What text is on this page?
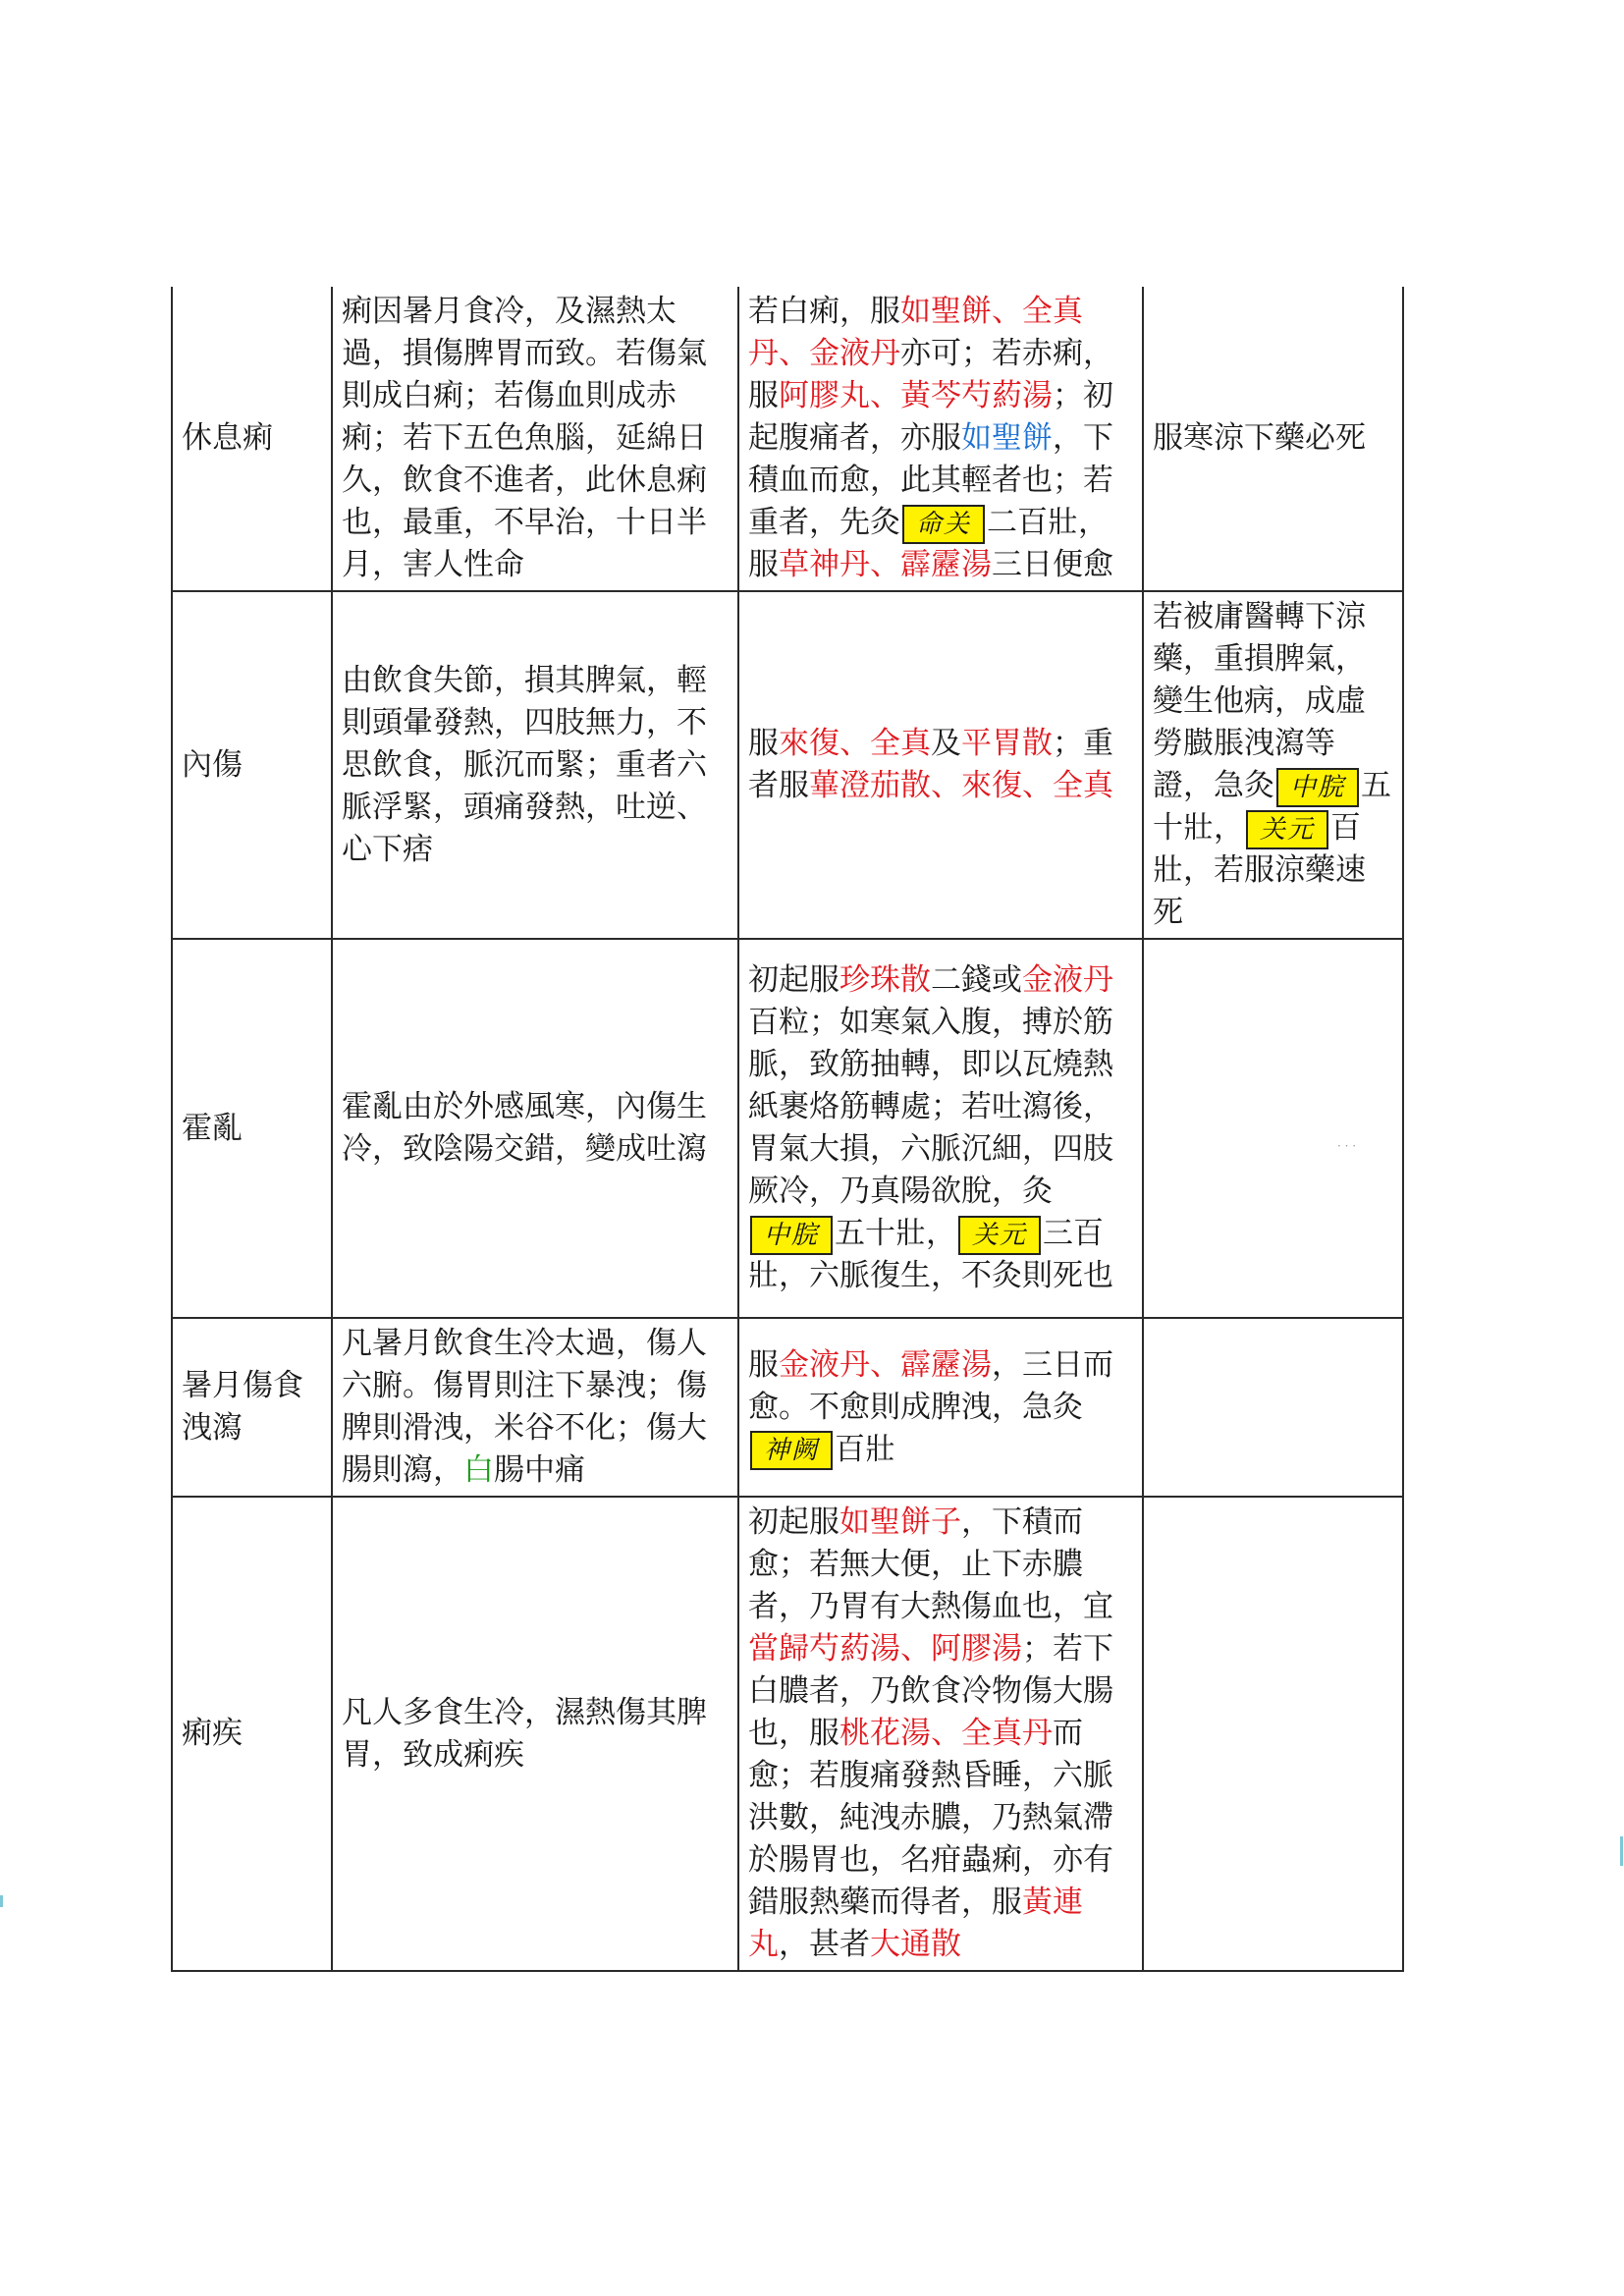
休息痢	痢因暑月食冷，及濕熱太過，損傷脾胃而致。若傷氣則成白痢；若傷血則成赤痢；若下五色魚腦，延綿日久，飲食不進者，此休息痢也，最重，不早治，十日半月，害人性命	若白痢，服如聖餅、全真丹、金液丹亦可；若赤痢，服阿膠丸、黃芩芍葯湯；初起腹痛者，亦服如聖餅，下積血而愈，此其輕者也；若重者，先灸 命关 二百壯，服草神丹、霹靂湯三日便愈	服寒涼下藥必死
內傷	由飲食失節，損其脾氣，輕則頭暈發熱，四肢無力，不思飲食，脈沉而緊；重者六脈浮緊，頭痛發熱，吐逆、心下痞	服來復、全真及平胃散；重者服蓽澄茄散、來復、全真	若被庸醫轉下涼藥，重損脾氣，變生他病，成虛勞臌脹洩瀉等證，急灸 中脘 五十壯， 关元 百壯，若服涼藥速死
霍亂	霍亂由於外感風寒，內傷生冷，致陰陽交錯，變成吐瀉	初起服珍珠散二錢或金液丹百粒；如寒氣入腹，搏於筋脈，致筋抽轉，即以瓦燒熱紙裹烙筋轉處；若吐瀉後，胃氣大損，六脈沉細，四肢厥冷，乃真陽欲脫，灸中脘 五十壯， 关元 三百壯，六脈復生，不灸則死也	
暑月傷食洩瀉	凡暑月飲食生冷太過，傷人六腑。傷胃則注下暴洩；傷脾則滑洩，米谷不化；傷大腸則瀉，白腸中痛	服金液丹、霹靂湯，三日而愈。不愈則成脾洩，急灸神阙 百壯	
痢疾	凡人多食生冷，濕熱傷其脾胃，致成痢疾	初起服如聖餅子，下積而愈；若無大便，止下赤膿者，乃胃有大熱傷血也，宜當歸芍葯湯、阿膠湯；若下白膿者，乃飲食冷物傷大腸也，服桃花湯、全真丹而愈；若腹痛發熱昏睡，六脈洪數，純洩赤膿，乃熱氣滯於腸胃也，名疳蟲痢，亦有錯服熱藥而得者，服黃連丸，甚者大通散	
· · ·
